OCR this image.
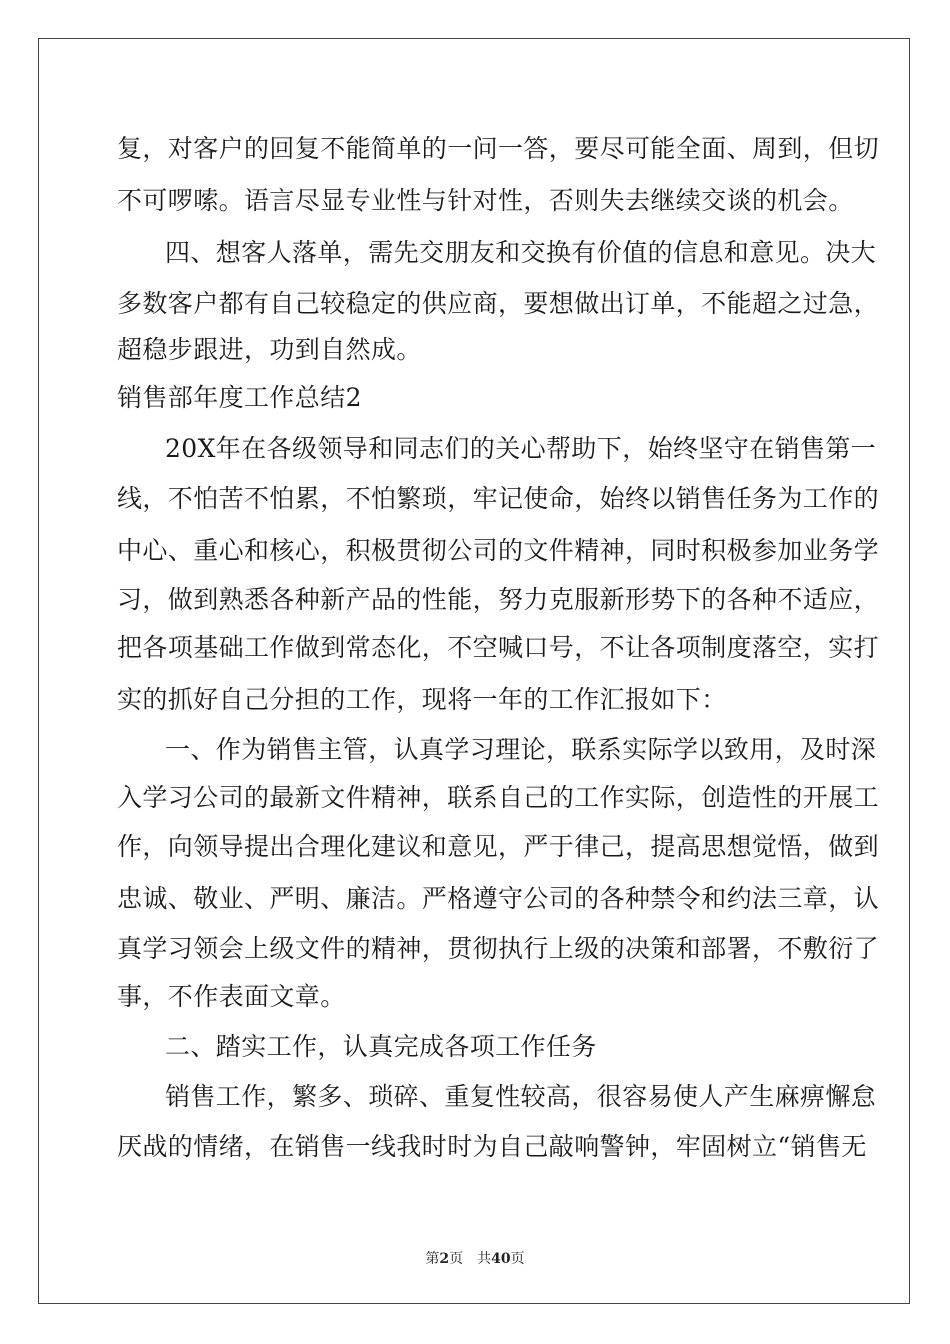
复，对客户的回复不能简单的一问一答，要尽可能全面、周到，但切
不可啰嗦。语言尽显专业性与针对性，否则失去继续交谈的机会。
四、想客人落单，需先交朋友和交换有价值的信息和意见。决大
多数客户都有自己较稳定的供应商，要想做出订单，不能超之过急，
超稳步跟进，功到自然成。
销售部年度工作总结2
20X年在各级领导和同志们的关心帮助下，始终坚守在销售第一
线，不怕苦不怕累，不怕繁琐，牢记使命，始终以销售任务为工作的
中心、重心和核心，积极贯彻公司的文件精神，同时积极参加业务学
习，做到熟悉各种新产品的性能，努力克服新形势下的各种不适应，
把各项基础工作做到常态化，不空喊口号，不让各项制度落空，实打
实的抓好自己分担的工作，现将一年的工作汇报如下：
一、作为销售主管，认真学习理论，联系实际学以致用，及时深
入学习公司的最新文件精神，联系自己的工作实际，创造性的开展工
作，向领导提出合理化建议和意见，严于律己，提高思想觉悟，做到
忠诚、敬业、严明、廉洁。严格遵守公司的各种禁令和约法三章，认
真学习领会上级文件的精神，贯彻执行上级的决策和部署，不敷衍了
事，不作表面文章。
二、踏实工作，认真完成各项工作任务
销售工作，繁多、琐碎、重复性较高，很容易使人产生麻痹懈怠
厌战的情绪，在销售一线我时时为自己敲响警钟，牢固树立“销售无
第2页 共40页
